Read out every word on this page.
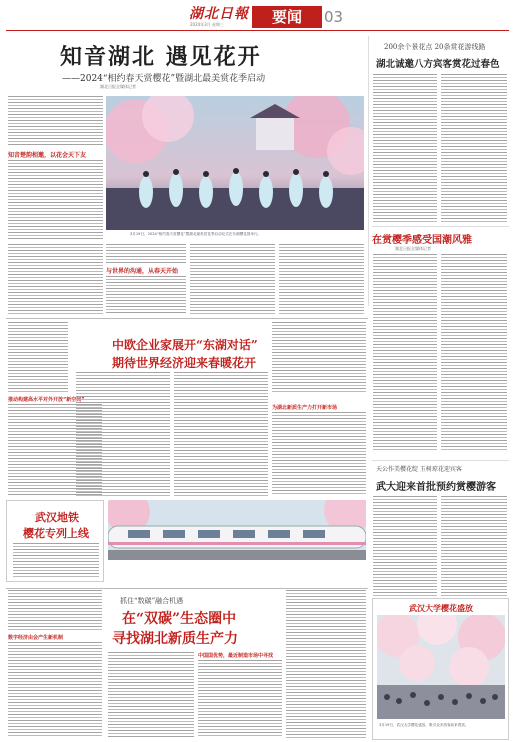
湖北日報
2024年3月 星期三	要闻	03
知音湖北 遇见花开
——2024“相约春天赏樱花”暨湖北最美赏花季启动
湖北日报全媒体记者
知音楚韵相邀，以花会天下友
3月19日，2024“相约春天赏樱花”暨湖北最美赏花季启动仪式在东湖樱花园举行。
与世界的沟通，从春天开始
200余个景花点 20条赏花游线路
湖北诚邀八方宾客赏花过春色
在赏樱季感受国潮风雅
湖北日报全媒体记者
推动构建高水平对外开放“新空间”
武汉地铁
樱花专列上线
中欧企业家展开“东湖对话”
期待世界经济迎来春暖花开
为湖北新质生产力打开新市场
天公作美樱花绽 玉树琼花迎宾客
武大迎来首批预约赏樱游客
数字经济由会产生新机制
抓住“数碳”融合机遇
在“双碳”生态圈中
寻找湖北新质生产力
中国国优势，最近制造市场中寻找
武汉大学樱花盛放
3月19日，武汉大学樱花盛放，吸引众多游客前来观赏。
